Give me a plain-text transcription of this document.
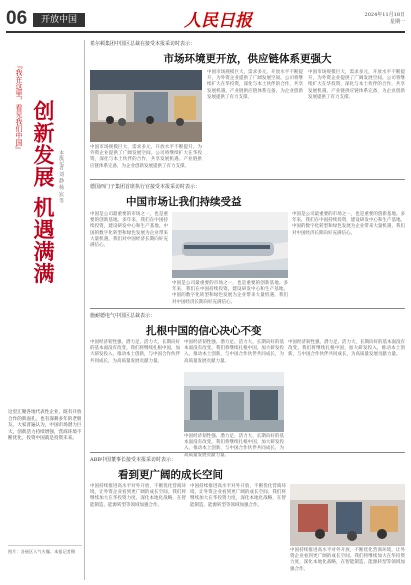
06	开放中国	人民日报	2024年11月18日
星期一
『我在这里，看见我们中国』 创新发展 机遇满满 本报记者 刘 静 杨 宸 等
这里汇聚各地代表性企业，既有开放合作的新面孔，也有深耕多年的老朋友。大家普遍认为，中国市场潜力巨大，创新活力持续增强，营商环境不断优化，投资中国就是投资未来。
图片：各展区人气火爆。本报记者摄
希尔顿集团中国区总裁在接受本报采访时表示：
市场环境更开放，供应链体系更强大
中国市场规模巨大，需求多元，开放水平不断提升，为外资企业提供了广阔发展空间。公司将继续扩大在华投资，深化与本土伙伴的合作，共享发展机遇。产业链供应链体系完备，为企业创新发展提供了有力支撑。
中国市场规模巨大，需求多元，开放水平不断提升，为外资企业提供了广阔发展空间。公司将继续扩大在华投资，深化与本土伙伴的合作，共享发展机遇。产业链供应链体系完备，为企业创新发展提供了有力支撑。
中国市场规模巨大，需求多元，开放水平不断提升，为外资企业提供了广阔发展空间。公司将继续扩大在华投资，深化与本土伙伴的合作，共享发展机遇。产业链供应链体系完备，为企业创新发展提供了有力支撑。
德国西门子集团首席执行官接受本报采访时表示：
中国市场让我们持续受益
中国是公司最重要的市场之一，也是重要的创新基地。多年来，我们在中国持续投资，建设研发中心和生产基地。中国的数字化转型和绿色发展为企业带来大量机遇，我们对中国经济长期向好充满信心。
中国是公司最重要的市场之一，也是重要的创新基地。多年来，我们在中国持续投资，建设研发中心和生产基地。中国的数字化转型和绿色发展为企业带来大量机遇，我们对中国经济长期向好充满信心。
中国是公司最重要的市场之一，也是重要的创新基地。多年来，我们在中国持续投资，建设研发中心和生产基地。中国的数字化转型和绿色发展为企业带来大量机遇，我们对中国经济长期向好充满信心。
施耐德电气中国区总裁表示：
扎根中国的信心决心不变
中国经济韧性强、潜力足、活力大，长期向好的基本面没有改变。我们将继续扎根中国，加大研发投入，推动本土创新，与中国合作伙伴共同成长，为高质量发展贡献力量。
中国经济韧性强、潜力足、活力大，长期向好的基本面没有改变。我们将继续扎根中国，加大研发投入，推动本土创新，与中国合作伙伴共同成长，为高质量发展贡献力量。
中国经济韧性强、潜力足、活力大，长期向好的基本面没有改变。我们将继续扎根中国，加大研发投入，推动本土创新，与中国合作伙伴共同成长，为高质量发展贡献力量。
中国经济韧性强、潜力足、活力大，长期向好的基本面没有改变。我们将继续扎根中国，加大研发投入，推动本土创新，与中国合作伙伴共同成长，为高质量发展贡献力量。
ABB中国董事长接受本报采访时表示：
看到更广阔的成长空间
中国持续推进高水平对外开放，不断优化营商环境，让外资企业看到更广阔的成长空间。我们将继续加大在华投资力度，深化本地化战略，在智能制造、能源转型等领域加强合作。
中国持续推进高水平对外开放，不断优化营商环境，让外资企业看到更广阔的成长空间。我们将继续加大在华投资力度，深化本地化战略，在智能制造、能源转型等领域加强合作。
中国持续推进高水平对外开放，不断优化营商环境，让外资企业看到更广阔的成长空间。我们将继续加大在华投资力度，深化本地化战略，在智能制造、能源转型等领域加强合作。
